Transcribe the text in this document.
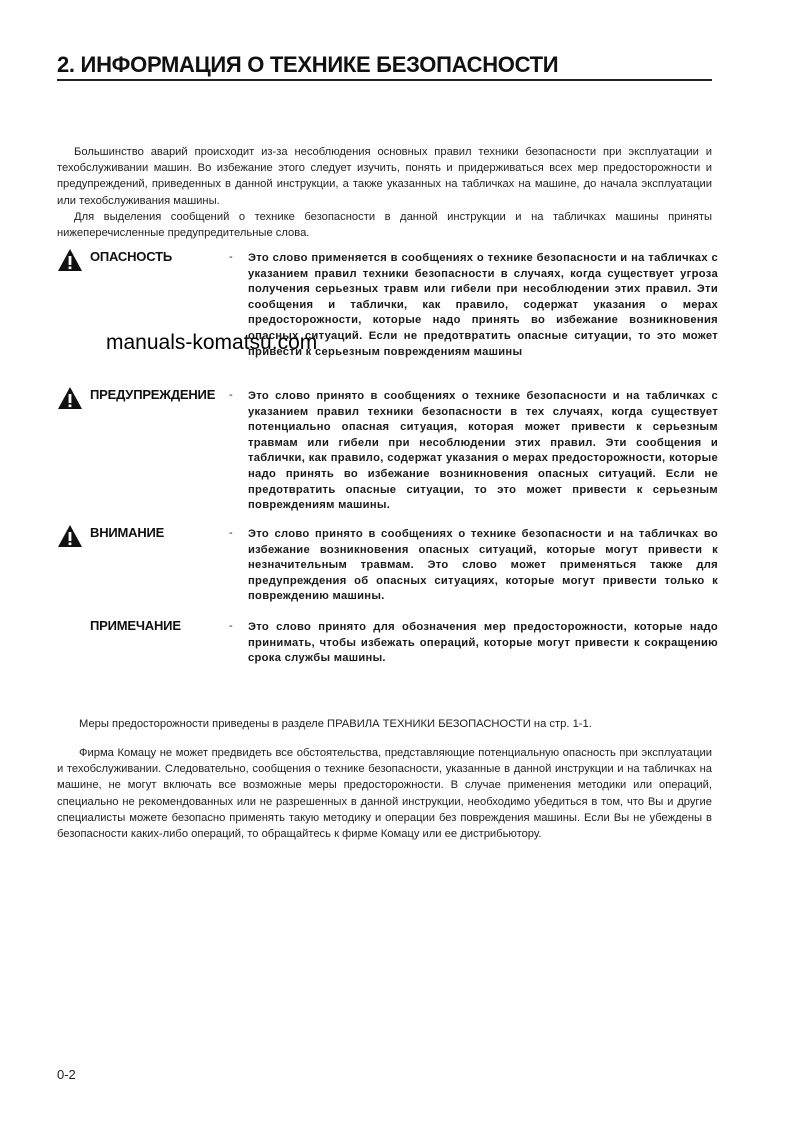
2. ИНФОРМАЦИЯ О ТЕХНИКЕ БЕЗОПАСНОСТИ

Большинство аварий происходит из-за несоблюдения основных правил техники безопасности при эксплуатации и техобслуживании машин. Во избежание этого следует изучить, понять и придерживаться всех мер предосторожности и предупреждений, приведенных в данной инструкции, а также указанных на табличках на машине, до начала эксплуатации или техобслуживания машины.

Для выделения сообщений о технике безопасности в данной инструкции и на табличках машины приняты нижеперечисленные предупредительные слова.

ОПАСНОСТЬ	- Это слово применяется в сообщениях о технике безопасности и на табличках с указанием правил техники безопасности в случаях, когда существует угроза получения серьезных травм или гибели при несоблюдении этих правил. Эти сообщения и таблички, как правило, содержат указания о мерах предосторожности, которые надо принять во избежание возникновения опасных ситуаций. Если не предотвратить опасные ситуации, то это может привести к серьезным повреждениям машины
ПРЕДУПРЕЖДЕНИЕ - Это слово принято в сообщениях о технике безопасности и на табличках с указанием правил техники безопасности в тех случаях, когда существует потенциально опасная ситуация, которая может привести к серьезным травмам или гибели при несоблюдении этих правил. Эти сообщения и таблички, как правило, содержат указания о мерах предосторожности, которые надо принять во избежание возникновения опасных ситуаций. Если не предотвратить опасные ситуации, то это может привести к серьезным повреждениям машины.
ВНИМАНИЕ	- Это слово принято в сообщениях о технике безопасности и на табличках во избежание возникновения опасных ситуаций, которые могут привести к незначительным травмам. Это слово может применяться также для предупреждения об опасных ситуациях, которые могут привести только к повреждению машины.
ПРИМЕЧАНИЕ	- Это слово принято для обозначения мер предосторожности, которые надо принимать, чтобы избежать операций, которые могут привести к сокращению срока службы машины.
manuals-komatsu.com

Меры предосторожности приведены в разделе ПРАВИЛА ТЕХНИКИ БЕЗОПАСНОСТИ на стр. 1-1.

Фирма Комацу не может предвидеть все обстоятельства, представляющие потенциальную опасность при эксплуатации и техобслуживании. Следовательно, сообщения о технике безопасности, указанные в данной инструкции и на табличках на машине, не могут включать все возможные меры предосторожности. В случае применения методики или операций, специально не рекомендованных или не разрешенных в данной инструкции, необходимо убедиться в том, что Вы и другие специалисты можете безопасно применять такую методику и операции без повреждения машины. Если Вы не убеждены в безопасности каких-либо операций, то обращайтесь к фирме Комацу или ее дистрибьютору.

0-2
